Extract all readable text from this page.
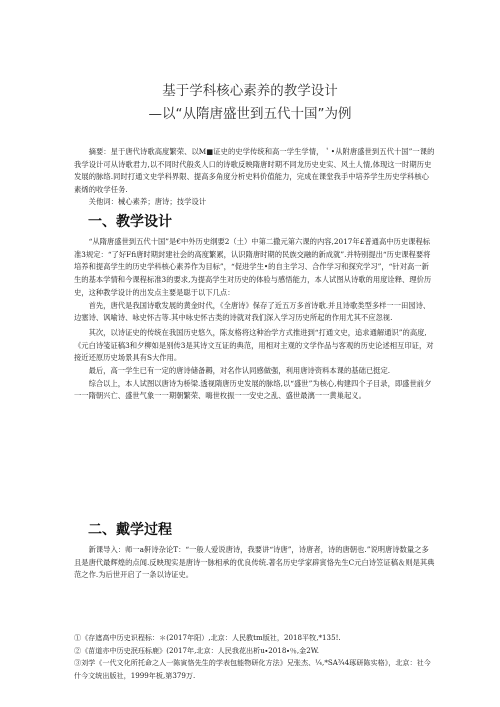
基于学科核心素养的教学设计
—以“从隋唐盛世到五代十国”为例

摘要：星于唐代诗歌高度繁荣、以M■证史的史学传统和高一学生学情，＇•从附唐盛世到五代十国”一课的我学设计可从诗歌君力,以不同时代般炙人口的诗歌反映隋唐时期不同龙历史史实、风土人情,体现这一时期历史发展的脉络.同时打通文史学科界限、提高多角度分析史料价值能力，完成在课堂我手中培养学生历史学科核心素烯的收学任务.

关他词：械心素养；唐诗；技学设计

一、教学设计

“从隋唐盛世到五代十国”是€中外历史纲要2（土）中第二撒元第六课的内容,2017年£普通高中历史课程标准3规定：“了好Ffi唐时期封建社会的高度繁累，认识隋唐时期的民族交融的新成就”.并特别提出“历史课程要将培养和提高学生的历史学科核心素养作为目标”，“促进学生•的自主学习、合作学习和探究学习”，“针对高一新生的基本学情和今课程标准3的要求,为提高学生对历史的体验与感悟能力，本人试图从诗歌的用度诠释、理价历史，这种教学设计的出发点主要是聪于以下几点：

首先，唐代是我国诗歌发展的黄金时代，《全唐诗》保存了近五万多首诗歌.并且诗歌类型多样一一田园诗、边塞诗、讽喻诗、咏史怀古等.其中咏史怀古类的诗就对我们深入学习历史所起的作用尤其不应忽视.

其次，以诗证史的传统在我国历史悠久，陈友格将这种治学方式推进到“打通文史，追求通解通识”的高度,《元白诗笺证稿3和夕柳如是别传3是其诗文互证的典范，用相对主观的文学作品与客观的历史论述相互印证，对接近还原历史场景具有S大作用。

最后，高一学生已有一定的唐诗储备耨，对名作认同感做强，利用唐诗资料本课的基础已挺定.

综合以上，本人试图以唐诗为桥梁.透视隋唐历史发展的脉络,以“盛世”为核心,构建四个子目录，即盛世前夕一一隋朝兴亡、盛世气象一一期朝繁荣、嗨世枚振一一安史之乱、盛世最漓一一黄巢起义。

二、戴学过程

新课导入：师一a鼾诗杂论T：“一般人爱说唐诗，我要讲“诗唐”，诗唐者，诗的唐朝也.”说明唐诗数量之多且是唐代最辉煌的点闻.反映现实是唐诗一脉相承的优良传统.著名历史学家辟寅恪先生C元白诗笠证稿＆则是其典范之作.为后世开启了一条以诗证史。

①《存遮高中历史识程标：＊(2017年阳）,北京：人民教tm版社，2018平牧,*135!.

②《苗道亦中历史泯珏标鹿》(2017年,北京：人民我花出析u∙2018∙％,金2W.

③刘学《一代文化所托命之人一陈寅恪先生的学表包能物研化方法》兄张杰、¼,*SA¾4琢研陈实格》，北京：社今什今文统出版社，1999年板,第379万.
